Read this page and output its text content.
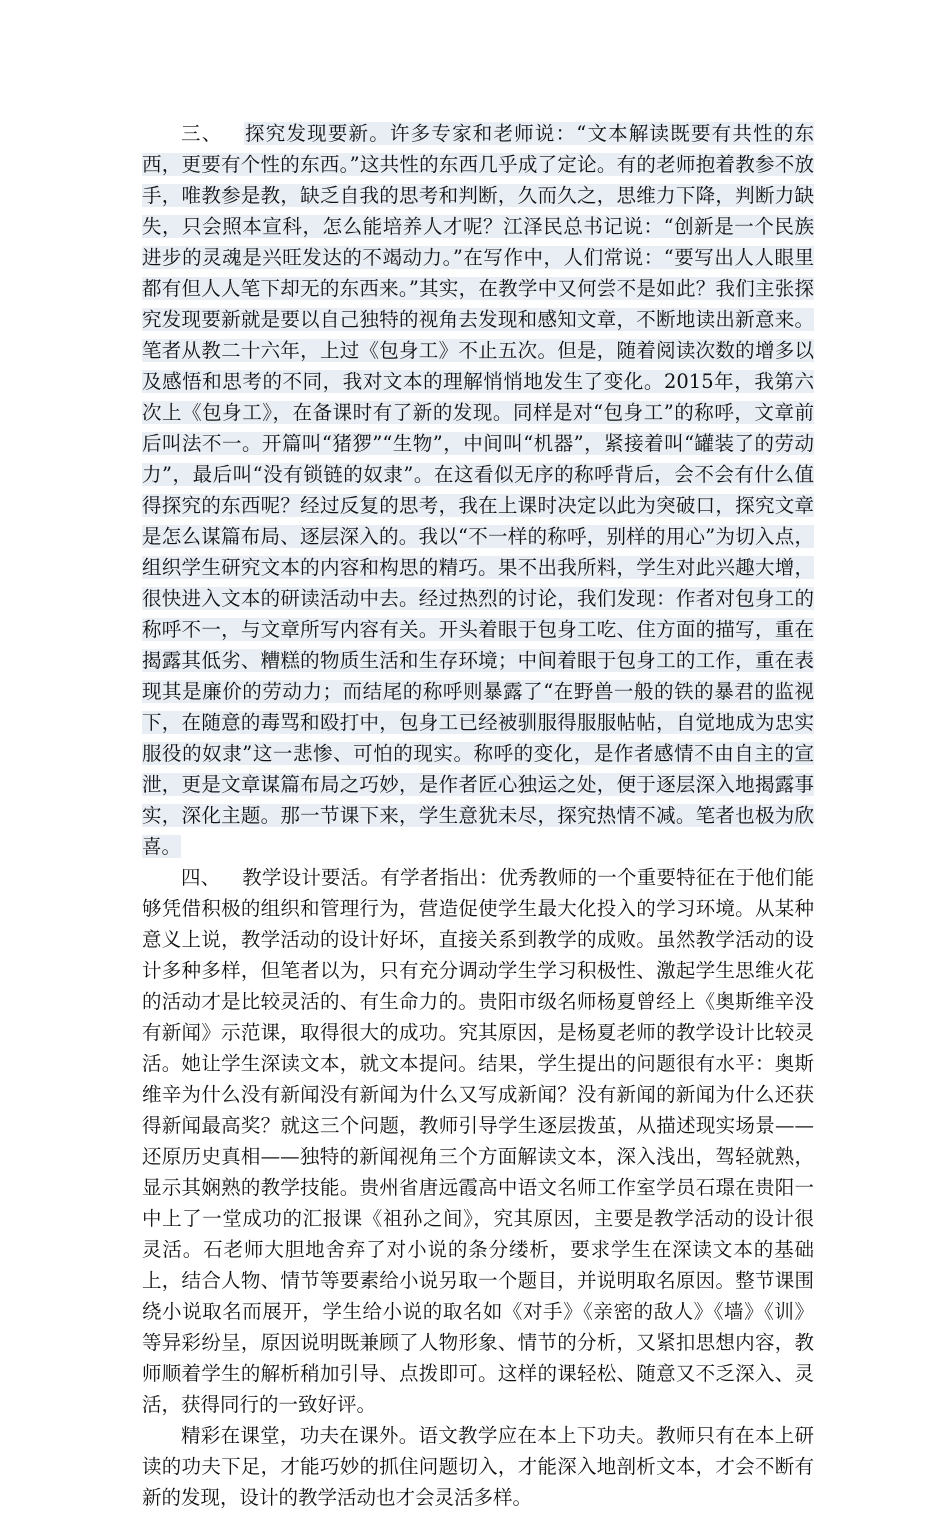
三、 探究发现要新。许多专家和老师说：“文本解读既要有共性的东西，更要有个性的东西。”这共性的东西几乎成了定论。有的老师抱着教参不放手，唯教参是教，缺乏自我的思考和判断，久而久之，思维力下降，判断力缺失，只会照本宣科，怎么能培养人才呢？江泽民总书记说：“创新是一个民族进步的灵魂是兴旺发达的不竭动力。”在写作中，人们常说：“要写出人人眼里都有但人人笔下却无的东西来。”其实，在教学中又何尝不是如此？我们主张探究发现要新就是要以自己独特的视角去发现和感知文章，不断地读出新意来。笔者从教二十六年，上过《包身工》不止五次。但是，随着阅读次数的增多以及感悟和思考的不同，我对文本的理解悄悄地发生了变化。2015年，我第六次上《包身工》，在备课时有了新的发现。同样是对“包身工”的称呼，文章前后叫法不一。开篇叫“猪猡”“生物”，中间叫“机器”，紧接着叫“罐装了的劳动力”，最后叫“没有锁链的奴隶”。在这看似无序的称呼背后，会不会有什么值得探究的东西呢？经过反复的思考，我在上课时决定以此为突破口，探究文章是怎么谋篇布局、逐层深入的。我以“不一样的称呼，别样的用心”为切入点，组织学生研究文本的内容和构思的精巧。果不出我所料，学生对此兴趣大增，很快进入文本的研读活动中去。经过热烈的讨论，我们发现：作者对包身工的称呼不一，与文章所写内容有关。开头着眼于包身工吃、住方面的描写，重在揭露其低劣、糟糕的物质生活和生存环境；中间着眼于包身工的工作，重在表现其是廉价的劳动力；而结尾的称呼则暴露了“在野兽一般的铁的暴君的监视下，在随意的毒骂和殴打中，包身工已经被驯服得服服帖帖，自觉地成为忠实服役的奴隶”这一悲惨、可怕的现实。称呼的变化，是作者感情不由自主的宣泄，更是文章谋篇布局之巧妙，是作者匠心独运之处，便于逐层深入地揭露事实，深化主题。那一节课下来，学生意犹未尽，探究热情不减。笔者也极为欣喜。

四、 教学设计要活。有学者指出：优秀教师的一个重要特征在于他们能够凭借积极的组织和管理行为，营造促使学生最大化投入的学习环境。从某种意义上说，教学活动的设计好坏，直接关系到教学的成败。虽然教学活动的设计多种多样，但笔者以为，只有充分调动学生学习积极性、激起学生思维火花的活动才是比较灵活的、有生命力的。贵阳市级名师杨夏曾经上《奥斯维辛没有新闻》示范课，取得很大的成功。究其原因，是杨夏老师的教学设计比较灵活。她让学生深读文本，就文本提问。结果，学生提出的问题很有水平：奥斯维辛为什么没有新闻没有新闻为什么又写成新闻？没有新闻的新闻为什么还获得新闻最高奖？就这三个问题，教师引导学生逐层拨茧，从描述现实场景——还原历史真相——独特的新闻视角三个方面解读文本，深入浅出，驾轻就熟，显示其娴熟的教学技能。贵州省唐远霞高中语文名师工作室学员石璟在贵阳一中上了一堂成功的汇报课《祖孙之间》，究其原因，主要是教学活动的设计很灵活。石老师大胆地舍弃了对小说的条分缕析，要求学生在深读文本的基础上，结合人物、情节等要素给小说另取一个题目，并说明取名原因。整节课围绕小说取名而展开，学生给小说的取名如《对手》《亲密的敌人》《墙》《训》等异彩纷呈，原因说明既兼顾了人物形象、情节的分析，又紧扣思想内容，教师顺着学生的解析稍加引导、点拨即可。这样的课轻松、随意又不乏深入、灵活，获得同行的一致好评。

精彩在课堂，功夫在课外。语文教学应在本上下功夫。教师只有在本上研读的功夫下足，才能巧妙的抓住问题切入，才能深入地剖析文本，才会不断有新的发现，设计的教学活动也才会灵活多样。
